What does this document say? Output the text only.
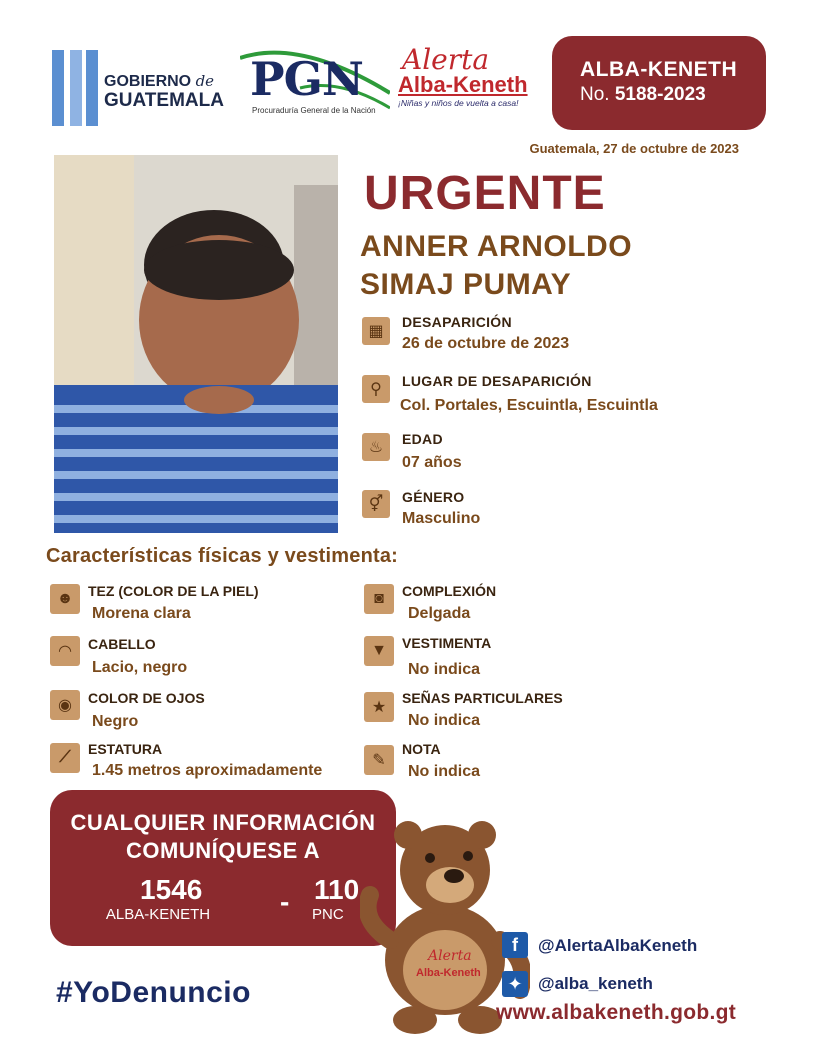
GOBIERNO de
GUATEMALA PGN
Procuraduría General de la Nación
Alerta
Alba-Keneth
¡Niñas y niños de vuelta a casa!
ALBA-KENETH
No. 5188-2023
Guatemala, 27 de octubre de 2023
URGENTE
ANNER ARNOLDO
SIMAJ PUMAY
▦
DESAPARICIÓN
26 de octubre de 2023
⚲	LUGAR DE DESAPARICIÓN
Col. Portales, Escuintla, Escuintla
♨	EDAD
07 años
⚥	GÉNERO
Masculino
Características físicas y vestimenta:
☻	TEZ (COLOR DE LA PIEL)
Morena clara
◠	CABELLO
Lacio, negro
◉	COLOR DE OJOS
Negro
⟋	ESTATURA
1.45 metros aproximadamente
◙	COMPLEXIÓN
Delgada
▼	VESTIMENTA
No indica
★
SEÑAS PARTICULARES
No indica
✎
NOTA
No indica
CUALQUIER INFORMACIÓN
COMUNÍQUESE A
1546
ALBA-KENETH	- 110
PNC
Alerta
Alba-Keneth
#YoDenuncio
f	@AlertaAlbaKeneth
✦ @alba_keneth
www.albakeneth.gob.gt
